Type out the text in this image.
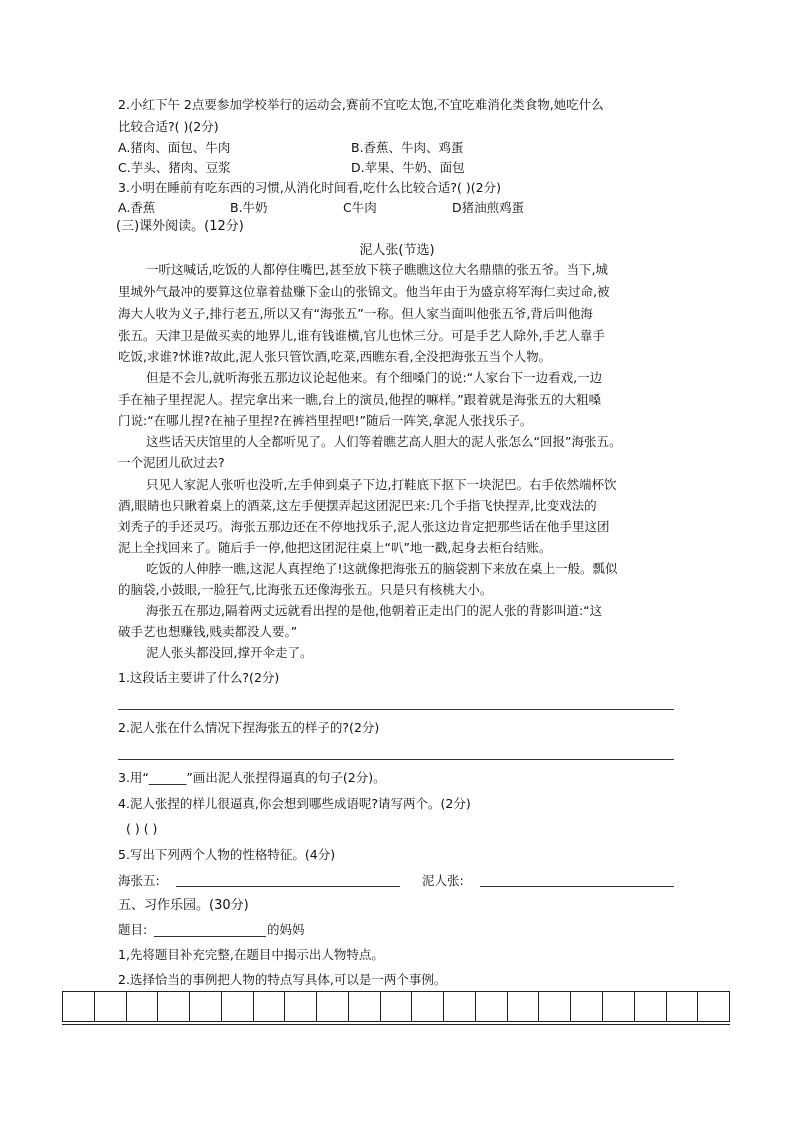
2.小红下午 2点要参加学校举行的运动会,赛前不宜吃太饱,不宜吃难消化类食物,她吃什么
比较合适?( )(2分)
A.猪肉、面包、牛肉	B.香蕉、牛肉、鸡蛋
C.芋头、猪肉、豆浆	D.苹果、牛奶、面包
3.小明在睡前有吃东西的习惯,从消化时间看,吃什么比较合适?( )(2分)
A.香蕉	B.牛奶	C牛肉	D猪油煎鸡蛋
(三)课外阅读。(12分)
泥人张(节选)
一听这喊话,吃饭的人都停住嘴巴,甚至放下筷子瞧瞧这位大名鼎鼎的张五爷。当下,城
里城外气最冲的要算这位靠着盐赚下金山的张锦文。他当年由于为盛京将军海仁卖过命,被
海大人收为义子,排行老五,所以又有“海张五”一称。但人家当面叫他张五爷,背后叫他海
张五。天津卫是做买卖的地界儿,谁有钱谁横,官儿也怵三分。可是手艺人除外,手艺人靠手
吃饭,求谁?怵谁?故此,泥人张只管饮酒,吃菜,西瞧东看,全没把海张五当个人物。
但是不会儿,就听海张五那边议论起他来。有个细嗓门的说:“人家台下一边看戏,一边
手在袖子里捏泥人。捏完拿出来一瞧,台上的演员,他捏的嘛样。”跟着就是海张五的大粗嗓
门说:“在哪儿捏?在袖子里捏?在裤裆里捏吧!”随后一阵笑,拿泥人张找乐子。
这些话天庆馆里的人全都听见了。人们等着瞧艺高人胆大的泥人张怎么“回报”海张五。
一个泥团儿砍过去?
只见人家泥人张听也没听,左手伸到桌子下边,打鞋底下抠下一块泥巴。右手依然端杯饮
酒,眼睛也只瞅着桌上的酒菜,这左手便摆弄起这团泥巴来:几个手指飞快捏弄,比变戏法的
刘秃子的手还灵巧。海张五那边还在不停地找乐子,泥人张这边肯定把那些话在他手里这团
泥上全找回来了。随后手一停,他把这团泥往桌上“叭”地一戳,起身去柜台结账。
吃饭的人伸脖一瞧,这泥人真捏绝了!这就像把海张五的脑袋割下来放在桌上一般。瓢似
的脑袋,小鼓眼,一脸狂气,比海张五还像海张五。只是只有核桃大小。
海张五在那边,隔着两丈远就看出捏的是他,他朝着正走出门的泥人张的背影叫道:“这
破手艺也想赚钱,贱卖都没人要。”
泥人张头都没回,撑开伞走了。
1.这段话主要讲了什么?(2分)
2.泥人张在什么情况下捏海张五的样子的?(2分)
3.用“______”画出泥人张捏得逼真的句子(2分)。
4.泥人张捏的样儿很逼真,你会想到哪些成语呢?请写两个。(2分)
( ) ( )
5.写出下列两个人物的性格特征。(4分)
海张五:	泥人张:
五、习作乐园。(30分)
题目:	的妈妈
1,先将题目补充完整,在题目中揭示出人物特点。
2.选择恰当的事例把人物的特点写具体,可以是一两个事例。
